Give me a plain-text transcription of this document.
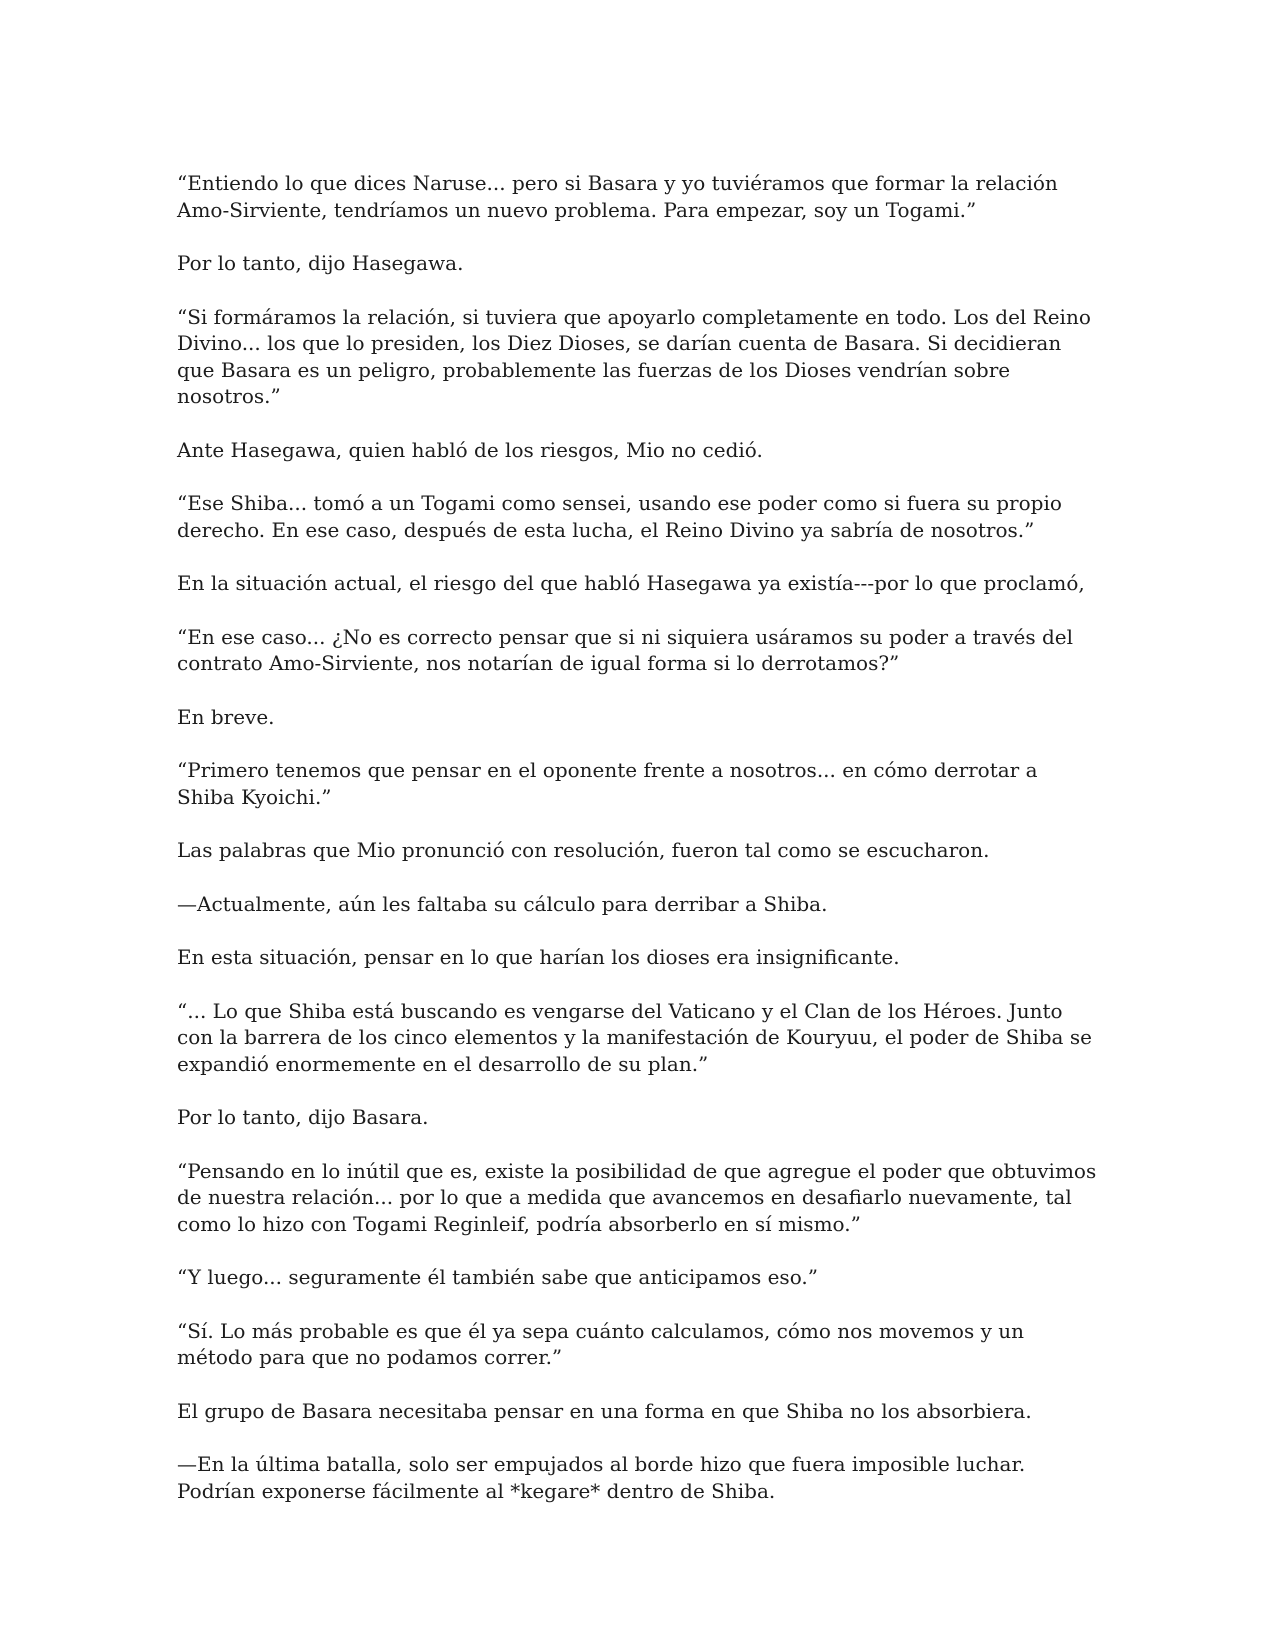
“Entiendo lo que dices Naruse... pero si Basara y yo tuviéramos que formar la relación Amo-Sirviente, tendríamos un nuevo problema. Para empezar, soy un Togami.”

Por lo tanto, dijo Hasegawa.

“Si formáramos la relación, si tuviera que apoyarlo completamente en todo. Los del Reino Divino... los que lo presiden, los Diez Dioses, se darían cuenta de Basara. Si decidieran que Basara es un peligro, probablemente las fuerzas de los Dioses vendrían sobre nosotros.”

Ante Hasegawa, quien habló de los riesgos, Mio no cedió.

“Ese Shiba... tomó a un Togami como sensei, usando ese poder como si fuera su propio derecho. En ese caso, después de esta lucha, el Reino Divino ya sabría de nosotros.”

En la situación actual, el riesgo del que habló Hasegawa ya existía---por lo que proclamó,

“En ese caso... ¿No es correcto pensar que si ni siquiera usáramos su poder a través del contrato Amo-Sirviente, nos notarían de igual forma si lo derrotamos?”

En breve.

“Primero tenemos que pensar en el oponente frente a nosotros... en cómo derrotar a Shiba Kyoichi.”

Las palabras que Mio pronunció con resolución, fueron tal como se escucharon.

—Actualmente, aún les faltaba su cálculo para derribar a Shiba.

En esta situación, pensar en lo que harían los dioses era insignificante.

“... Lo que Shiba está buscando es vengarse del Vaticano y el Clan de los Héroes. Junto con la barrera de los cinco elementos y la manifestación de Kouryuu, el poder de Shiba se expandió enormemente en el desarrollo de su plan.”

Por lo tanto, dijo Basara.

“Pensando en lo inútil que es, existe la posibilidad de que agregue el poder que obtuvimos de nuestra relación... por lo que a medida que avancemos en desafiarlo nuevamente, tal como lo hizo con Togami Reginleif, podría absorberlo en sí mismo.”

“Y luego... seguramente él también sabe que anticipamos eso.”

“Sí. Lo más probable es que él ya sepa cuánto calculamos, cómo nos movemos y un método para que no podamos correr.”

El grupo de Basara necesitaba pensar en una forma en que Shiba no los absorbiera.

—En la última batalla, solo ser empujados al borde hizo que fuera imposible luchar. Podrían exponerse fácilmente al *kegare* dentro de Shiba.
